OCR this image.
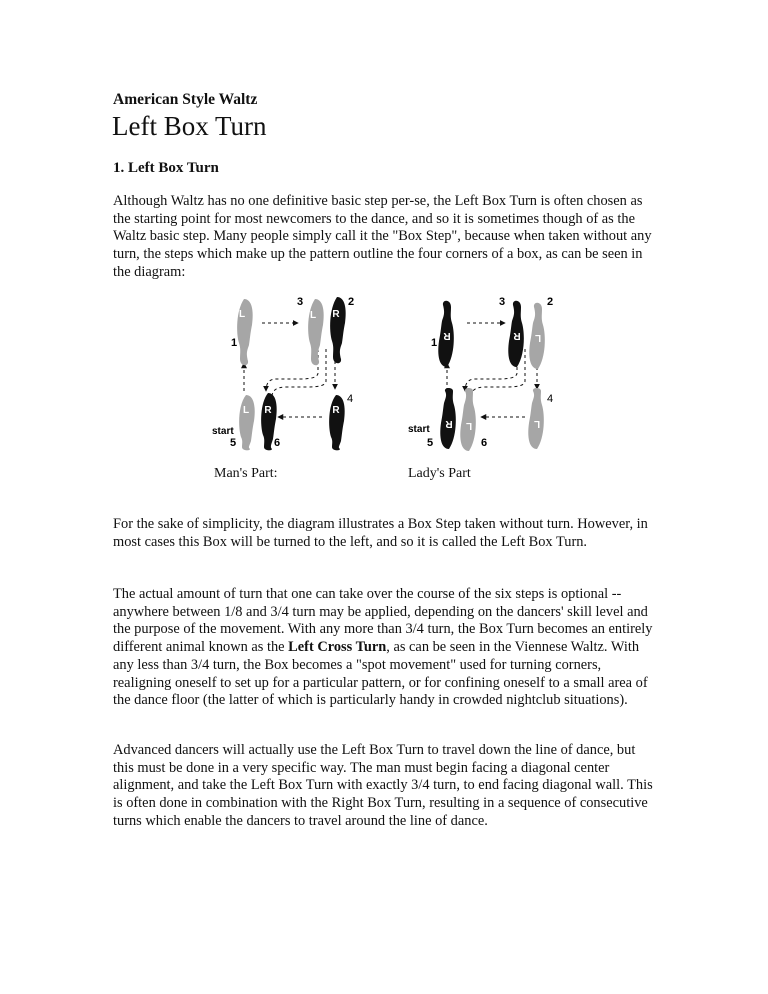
American Style Waltz
Left Box Turn
1. Left Box Turn

Although Waltz has no one definitive basic step per-se, the Left Box Turn is often chosen as the starting point for most newcomers to the dance, and so it is sometimes though of as the Waltz basic step. Many people simply call it the "Box Step", because when taken without any turn, the steps which make up the pattern outline the four corners of a box, as can be seen in the diagram:

L	L R
R
L R
1
3	2
4
start
5	6
R	R L
L
R L
1
3	2
4
start
5	6
Man's Part:	Lady's Part

For the sake of simplicity, the diagram illustrates a Box Step taken without turn. However, in most cases this Box will be turned to the left, and so it is called the Left Box Turn.

The actual amount of turn that one can take over the course of the six steps is optional -- anywhere between 1/8 and 3/4 turn may be applied, depending on the dancers' skill level and the purpose of the movement. With any more than 3/4 turn, the Box Turn becomes an entirely different animal known as the Left Cross Turn, as can be seen in the Viennese Waltz. With any less than 3/4 turn, the Box becomes a "spot movement" used for turning corners, realigning oneself to set up for a particular pattern, or for confining oneself to a small area of the dance floor (the latter of which is particularly handy in crowded nightclub situations).

Advanced dancers will actually use the Left Box Turn to travel down the line of dance, but this must be done in a very specific way. The man must begin facing a diagonal center alignment, and take the Left Box Turn with exactly 3/4 turn, to end facing diagonal wall. This is often done in combination with the Right Box Turn, resulting in a sequence of consecutive turns which enable the dancers to travel around the line of dance.
